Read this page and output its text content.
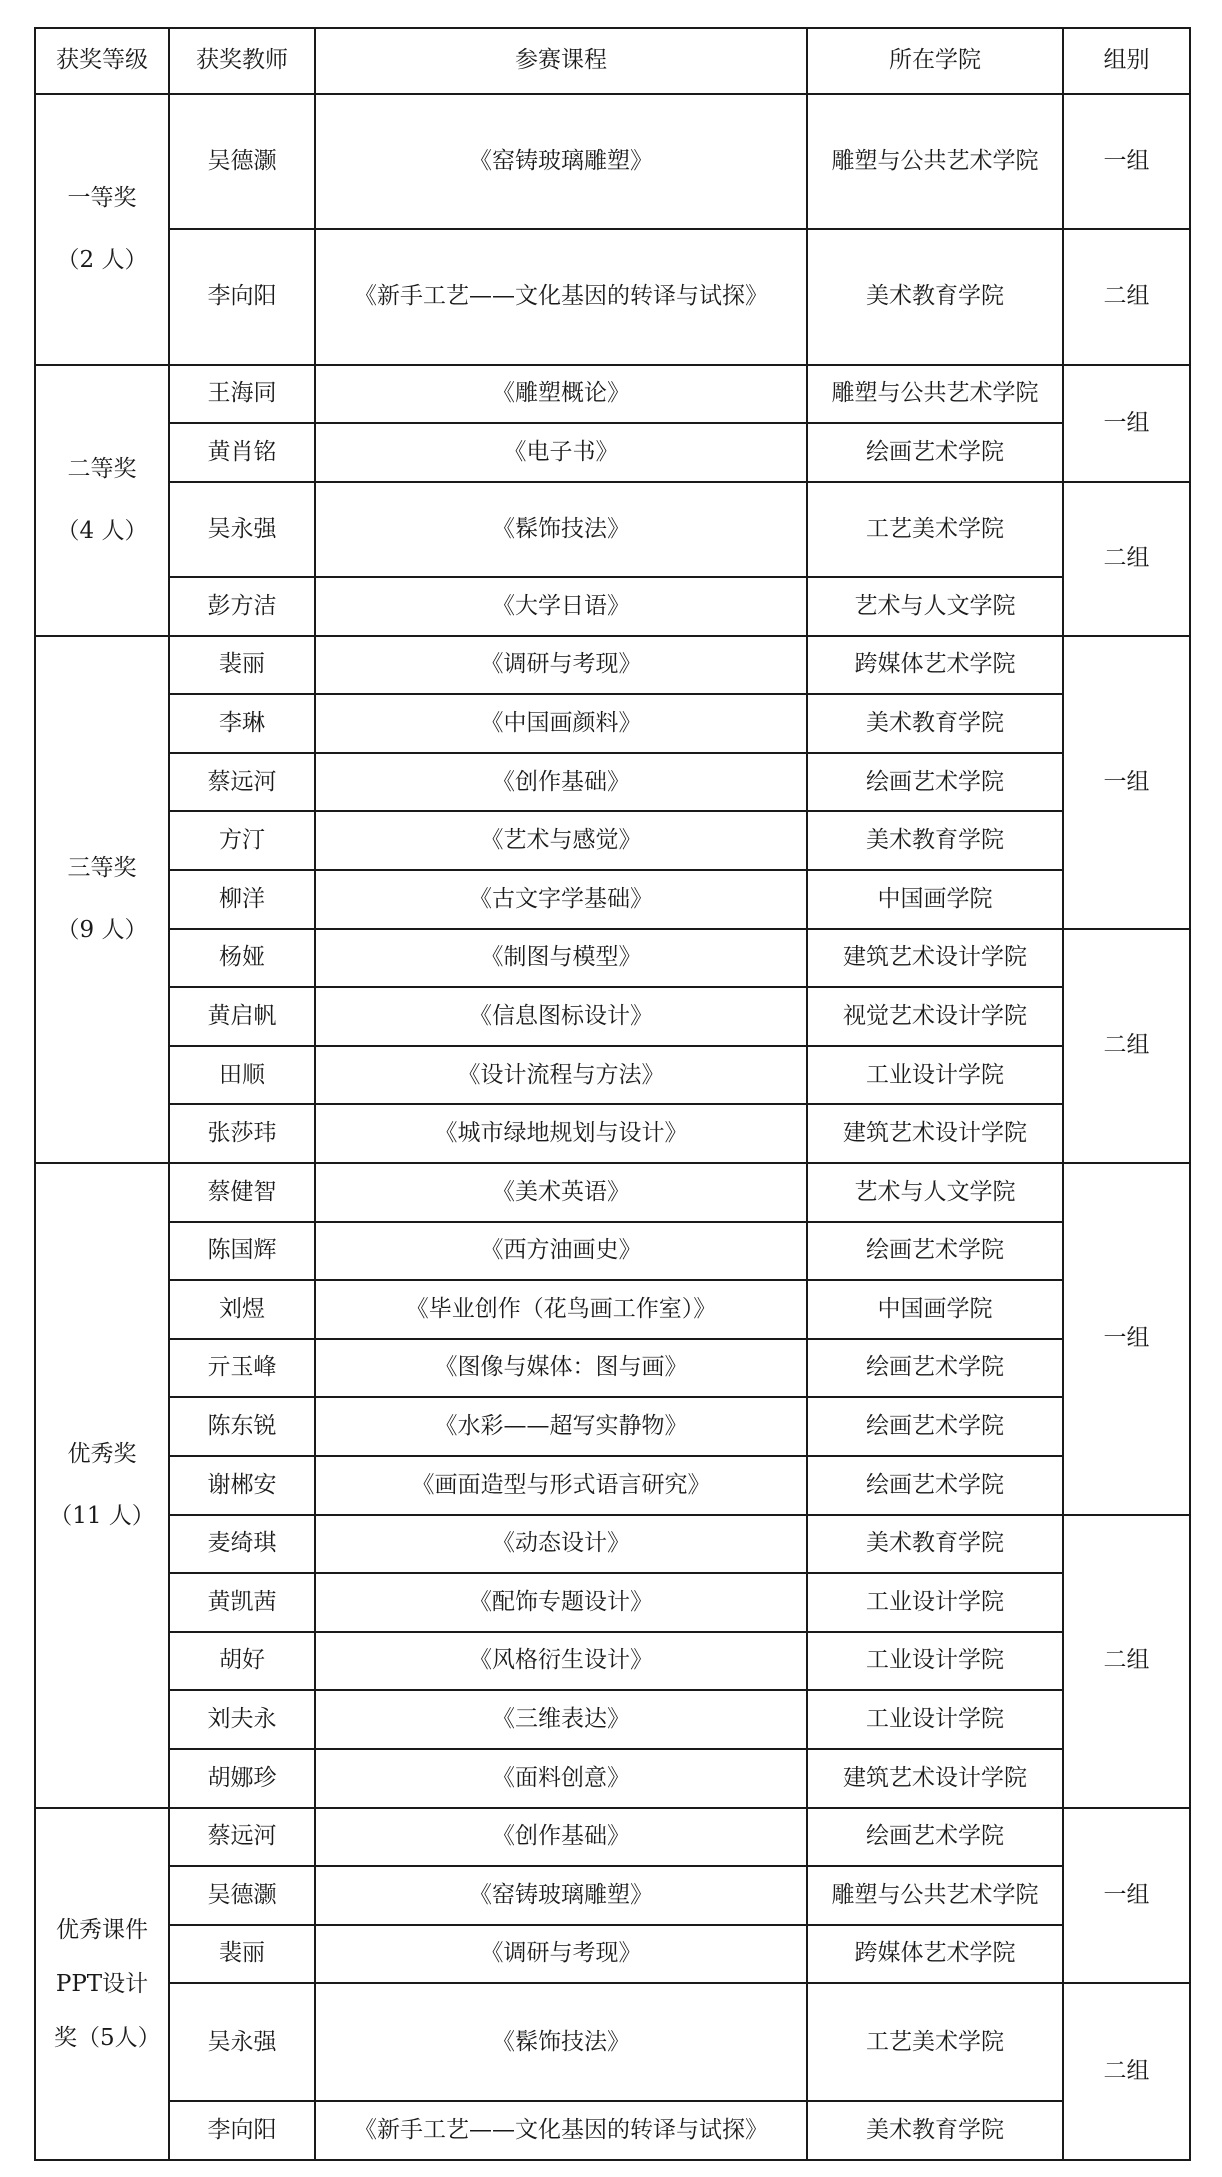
获奖等级	获奖教师	参赛课程	所在学院	组别

一等奖
（2 人）	吴德灏	《窑铸玻璃雕塑》	雕塑与公共艺术学院	一组
	李向阳	《新手工艺——文化基因的转译与试探》	美术教育学院	二组

二等奖
（4 人）	王海同	《雕塑概论》	雕塑与公共艺术学院	一组
	黄肖铭	《电子书》	绘画艺术学院	
	吴永强	《髹饰技法》	工艺美术学院	二组
	彭方洁	《大学日语》	艺术与人文学院	

三等奖
（9 人）	裴丽	《调研与考现》	跨媒体艺术学院	一组
	李琳	《中国画颜料》	美术教育学院	
	蔡远河	《创作基础》	绘画艺术学院	
	方汀	《艺术与感觉》	美术教育学院	
	柳洋	《古文字学基础》	中国画学院	
	杨娅	《制图与模型》	建筑艺术设计学院	二组
	黄启帆	《信息图标设计》	视觉艺术设计学院	
	田顺	《设计流程与方法》	工业设计学院	
	张莎玮	《城市绿地规划与设计》	建筑艺术设计学院	

优秀奖
（11 人）	蔡健智	《美术英语》	艺术与人文学院	一组
	陈国辉	《西方油画史》	绘画艺术学院	
	刘煜	《毕业创作（花鸟画工作室）》	中国画学院	
	亓玉峰	《图像与媒体：图与画》	绘画艺术学院	
	陈东锐	《水彩——超写实静物》	绘画艺术学院	
	谢郴安	《画面造型与形式语言研究》	绘画艺术学院	
	麦绮琪	《动态设计》	美术教育学院	二组
	黄凯茜	《配饰专题设计》	工业设计学院	
	胡好	《风格衍生设计》	工业设计学院	
	刘夫永	《三维表达》	工业设计学院	
	胡娜珍	《面料创意》	建筑艺术设计学院	

优秀课件PPT设计奖（5人）	蔡远河	《创作基础》	绘画艺术学院	一组
	吴德灏	《窑铸玻璃雕塑》	雕塑与公共艺术学院	
	裴丽	《调研与考现》	跨媒体艺术学院	
	吴永强	《髹饰技法》	工艺美术学院	二组
	李向阳	《新手工艺——文化基因的转译与试探》	美术教育学院	
